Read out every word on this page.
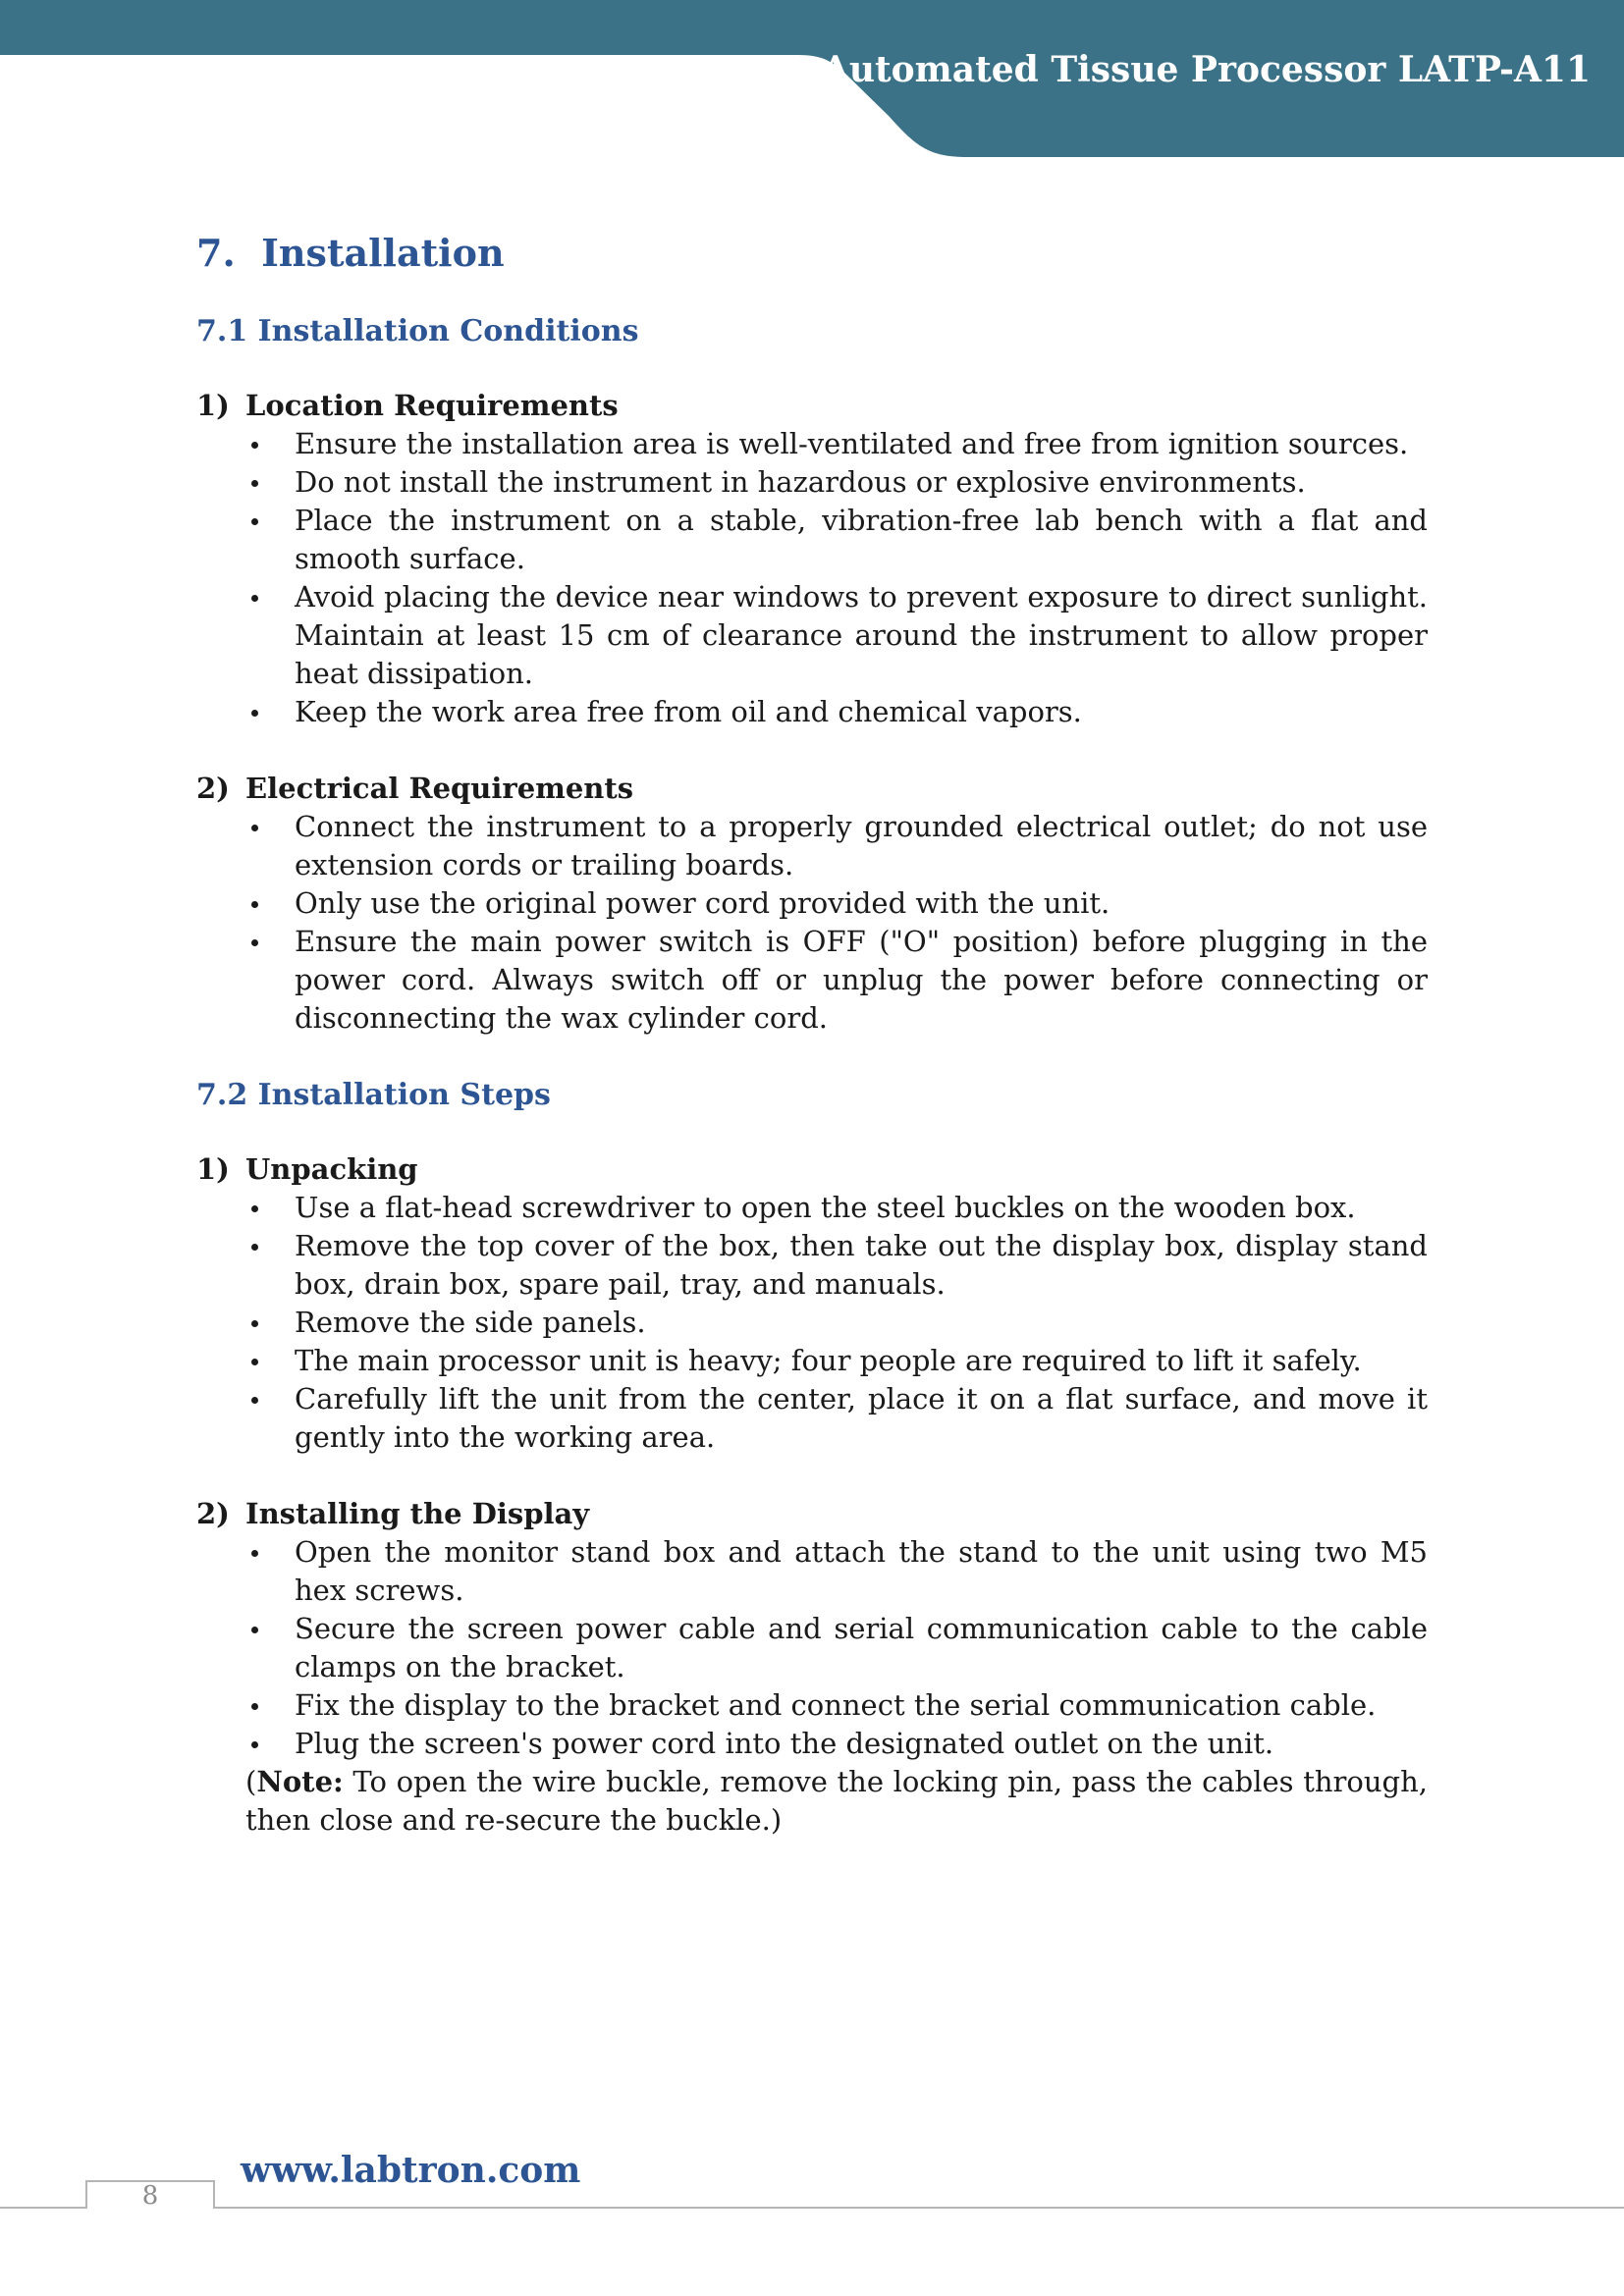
Automated Tissue Processor LATP-A11
7. Installation
7.1 Installation Conditions
1) Location Requirements
Ensure the installation area is well-ventilated and free from ignition sources.
Do not install the instrument in hazardous or explosive environments.
Place the instrument on a stable, vibration-free lab bench with a flat and smooth surface.
Avoid placing the device near windows to prevent exposure to direct sunlight. Maintain at least 15 cm of clearance around the instrument to allow proper heat dissipation.
Keep the work area free from oil and chemical vapors.
2) Electrical Requirements
Connect the instrument to a properly grounded electrical outlet; do not use extension cords or trailing boards.
Only use the original power cord provided with the unit.
Ensure the main power switch is OFF ("O" position) before plugging in the power cord. Always switch off or unplug the power before connecting or disconnecting the wax cylinder cord.
7.2 Installation Steps
1) Unpacking
Use a flat-head screwdriver to open the steel buckles on the wooden box.
Remove the top cover of the box, then take out the display box, display stand box, drain box, spare pail, tray, and manuals.
Remove the side panels.
The main processor unit is heavy; four people are required to lift it safely.
Carefully lift the unit from the center, place it on a flat surface, and move it gently into the working area.
2) Installing the Display
Open the monitor stand box and attach the stand to the unit using two M5 hex screws.
Secure the screen power cable and serial communication cable to the cable clamps on the bracket.
Fix the display to the bracket and connect the serial communication cable.
Plug the screen's power cord into the designated outlet on the unit.
(Note: To open the wire buckle, remove the locking pin, pass the cables through, then close and re-secure the buckle.)
www.labtron.com
8
